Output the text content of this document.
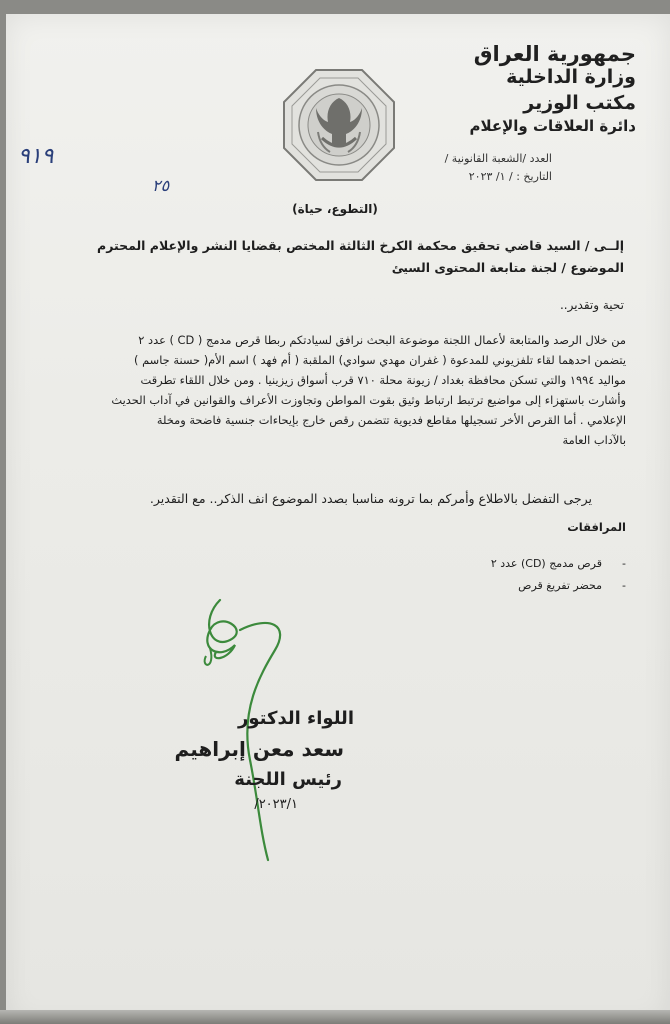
جمهورية العراق
وزارة الداخلية
مكتب الوزير
دائرة العلاقات والإعلام
العدد /الشعبة القانونية /
التاريخ : / ١/ ٢٠٢٣
٩١٩
٢٥
(التطوع، حياة)
إلــى / السيد قاضي تحقيق محكمة الكرخ الثالثة المختص بقضايا النشر والإعلام المحترم
الموضوع / لجنة متابعة المحتوى السيئ
تحية وتقدير..

من خلال الرصد والمتابعة لأعمال اللجنة موضوعة البحث نرافق لسيادتكم ربطا قرص مدمج ( CD ) عدد ٢

يتضمن احدهما لقاء تلفزيوني للمدعوة ( غفران مهدي سوادي) الملقبة ( أم فهد ) اسم الأم( حسنة جاسم )

مواليد ١٩٩٤ والتي تسكن محافظة بغداد / زيونة محلة ٧١٠ قرب أسواق زيزينيا . ومن خلال اللقاء تطرقت

وأشارت باستهزاء إلى مواضيع ترتبط ارتباط وثيق بقوت المواطن وتجاوزت الأعراف والقوانين في آداب الحديث

الإعلامي . أما القرص الأخر تسجيلها مقاطع فديوية تتضمن رقص خارج بإيحاءات جنسية فاضحة ومخلة

بالآداب العامة

يرجى التفضل بالاطلاع وأمركم بما ترونه مناسبا بصدد الموضوع انف الذكر.. مع التقدير.
المرافقات
-قرص مدمج (CD) عدد ٢
-محضر تفريغ قرص
اللواء الدكتور
سعد معن إبراهيم
رئيس اللجنة
٢٠٢٣/١/
